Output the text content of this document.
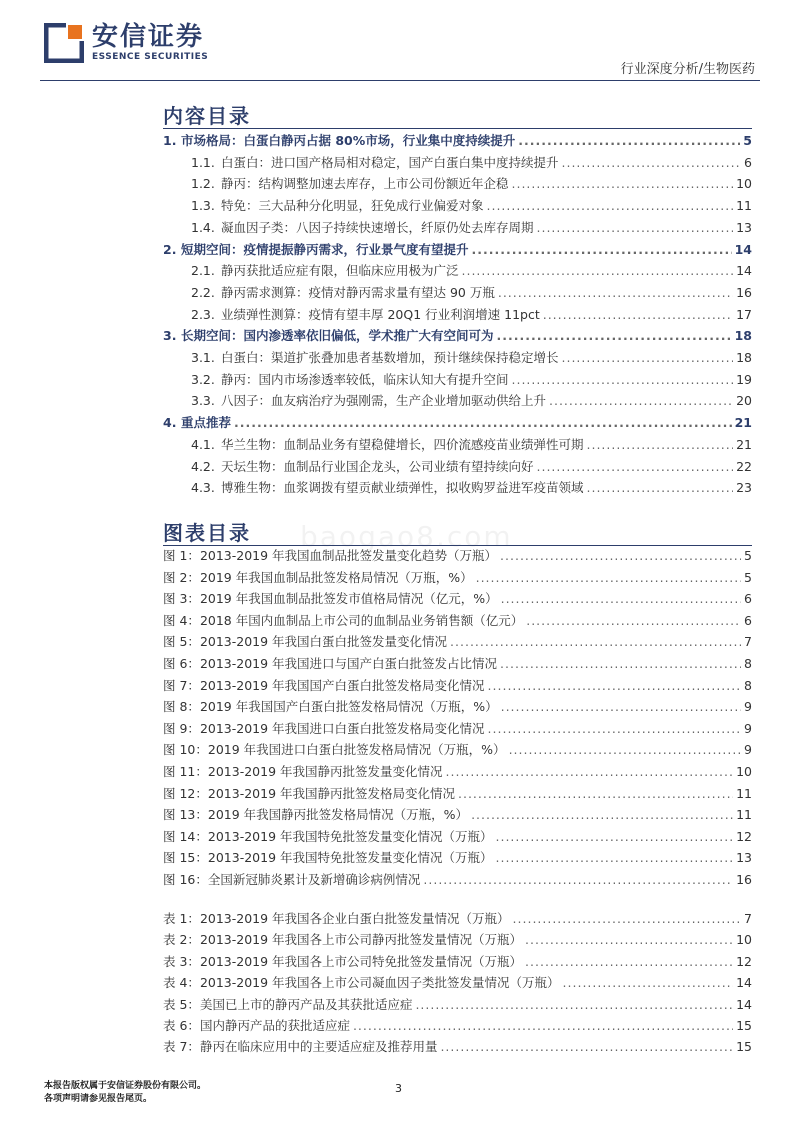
安信证券
ESSENCE SECURITIES
行业深度分析/生物医药
baogao8.com
内容目录
1. 市场格局：白蛋白静丙占据 80%市场，行业集中度持续提升 .....	5
1.1. 白蛋白：进口国产格局相对稳定，国产白蛋白集中度持续提升 .....	6
1.2. 静丙：结构调整加速去库存，上市公司份额近年企稳 .....	10
1.3. 特免：三大品种分化明显，狂免成行业偏爱对象 .....	11
1.4. 凝血因子类：八因子持续快速增长，纤原仍处去库存周期 .....	13
2. 短期空间：疫情提振静丙需求，行业景气度有望提升 .....	14
2.1. 静丙获批适应症有限，但临床应用极为广泛 .....	14
2.2. 静丙需求测算：疫情对静丙需求量有望达 90 万瓶 .....	16
2.3. 业绩弹性测算：疫情有望丰厚 20Q1 行业利润增速 11pct .....	17
3. 长期空间：国内渗透率依旧偏低，学术推广大有空间可为 .....	18
3.1. 白蛋白：渠道扩张叠加患者基数增加，预计继续保持稳定增长 .....	18
3.2. 静丙：国内市场渗透率较低，临床认知大有提升空间 .....	19
3.3. 八因子：血友病治疗为强刚需，生产企业增加驱动供给上升 .....	20
4. 重点推荐 .....	21
4.1. 华兰生物：血制品业务有望稳健增长，四价流感疫苗业绩弹性可期 .....	21
4.2. 天坛生物：血制品行业国企龙头，公司业绩有望持续向好 .....	22
4.3. 博雅生物：血浆调拨有望贡献业绩弹性，拟收购罗益进军疫苗领域 .....	23
图表目录
图 1： 2013-2019 年我国血制品批签发量变化趋势（万瓶） .....	5
图 2： 2019 年我国血制品批签发格局情况（万瓶，%） .....	5
图 3： 2019 年我国血制品批签发市值格局情况（亿元，%） .....	6
图 4： 2018 年国内血制品上市公司的血制品业务销售额（亿元） .....	6
图 5： 2013-2019 年我国白蛋白批签发量变化情况 .....	7
图 6： 2013-2019 年我国进口与国产白蛋白批签发占比情况 .....	8
图 7： 2013-2019 年我国国产白蛋白批签发格局变化情况 .....	8
图 8： 2019 年我国国产白蛋白批签发格局情况（万瓶，%） .....	9
图 9： 2013-2019 年我国进口白蛋白批签发格局变化情况 .....	9
图 10： 2019 年我国进口白蛋白批签发格局情况（万瓶，%） .....	9
图 11： 2013-2019 年我国静丙批签发量变化情况 .....	10
图 12： 2013-2019 年我国静丙批签发格局变化情况 .....	11
图 13： 2019 年我国静丙批签发格局情况（万瓶，%） .....	11
图 14： 2013-2019 年我国特免批签发量变化情况（万瓶） .....	12
图 15： 2013-2019 年我国特免批签发量变化情况（万瓶） .....	13
图 16： 全国新冠肺炎累计及新增确诊病例情况 .....	16
表 1： 2013-2019 年我国各企业白蛋白批签发量情况（万瓶） .....	7
表 2： 2013-2019 年我国各上市公司静丙批签发量情况（万瓶） .....	10
表 3： 2013-2019 年我国各上市公司特免批签发量情况（万瓶） .....	12
表 4： 2013-2019 年我国各上市公司凝血因子类批签发量情况（万瓶） .....	14
表 5： 美国已上市的静丙产品及其获批适应症 .....	14
表 6： 国内静丙产品的获批适应症 .....	15
表 7： 静丙在临床应用中的主要适应症及推荐用量 .....	15
本报告版权属于安信证券股份有限公司。
各项声明请参见报告尾页。
3
